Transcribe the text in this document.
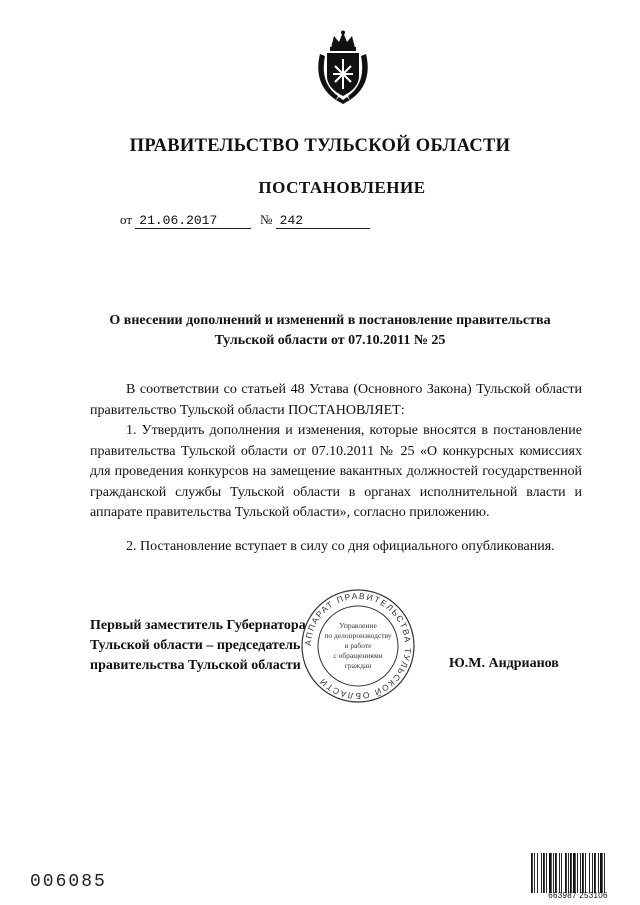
ПРАВИТЕЛЬСТВО ТУЛЬСКОЙ ОБЛАСТИ
ПОСТАНОВЛЕНИЕ
от 21.06.2017	№ 242
О внесении дополнений и изменений в постановление правительства
Тульской области от 07.10.2011 № 25
В соответствии со статьей 48 Устава (Основного Закона) Тульской области правительство Тульской области ПОСТАНОВЛЯЕТ:
1. Утвердить дополнения и изменения, которые вносятся в постановление правительства Тульской области от 07.10.2011 № 25 «О конкурсных комиссиях для проведения конкурсов на замещение вакантных должностей государственной гражданской службы Тульской области в органах исполнительной власти и аппарате правительства Тульской области», согласно приложению.
2. Постановление вступает в силу со дня официального опубликования.
Первый заместитель Губернатора
Тульской области – председатель
правительства Тульской области	Ю.М. Андрианов
АППАРАТ ПРАВИТЕЛЬСТВА ТУЛЬСКОЙ ОБЛАСТИ
Управление
по делопроизводству
и работе
с обращениями
граждан
006085
663987 253106
